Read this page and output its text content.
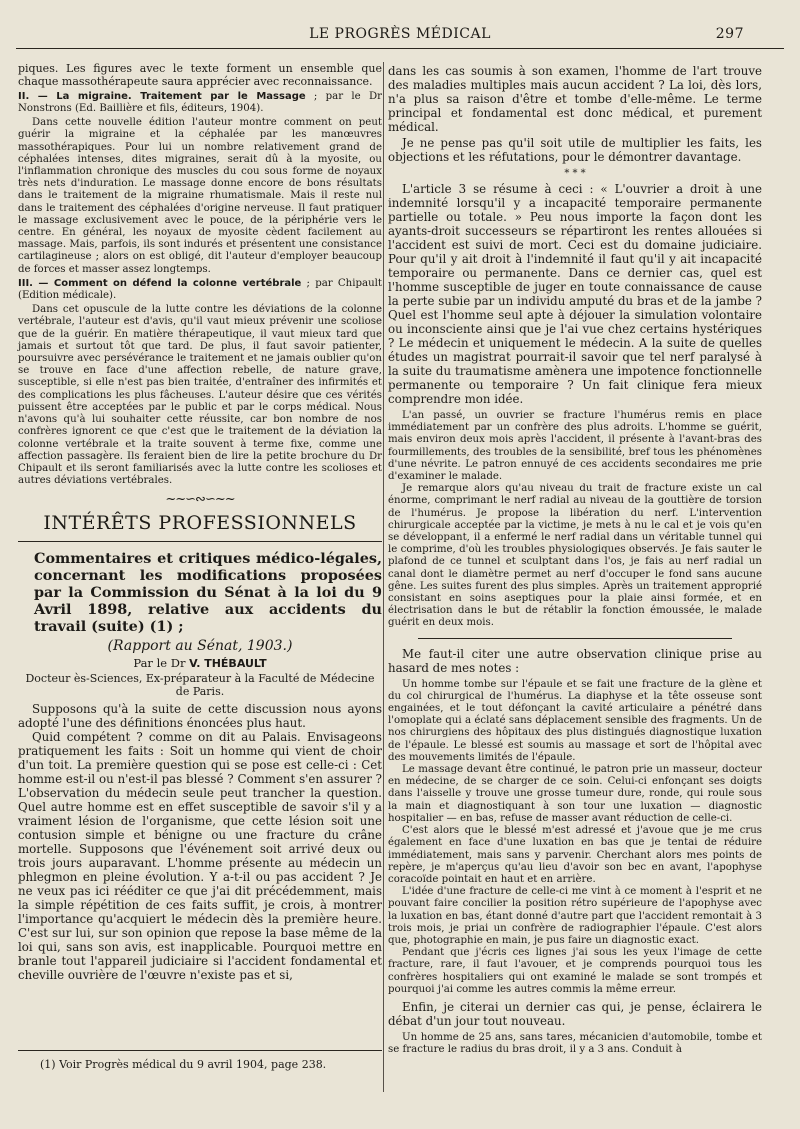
LE PROGRÈS MÉDICAL	297

piques. Les figures avec le texte forment un ensemble que chaque massothérapeute saura apprécier avec reconnaissance.

II. — La migraine. Traitement par le Massage ; par le Dr Nonstrons (Ed. Baillière et fils, éditeurs, 1904).

Dans cette nouvelle édition l'auteur montre comment on peut guérir la migraine et la céphalée par les manœuvres massothérapiques. Pour lui un nombre relativement grand de céphalées intenses, dites migraines, serait dû à la myosite, ou l'inflammation chronique des muscles du cou sous forme de noyaux très nets d'induration. Le massage donne encore de bons résultats dans le traitement de la migraine rhumatismale. Mais il reste nul dans le traitement des céphalées d'origine nerveuse. Il faut pratiquer le massage exclusivement avec le pouce, de la périphérie vers le centre. En général, les noyaux de myosite cèdent facilement au massage. Mais, parfois, ils sont indurés et présentent une consistance cartilagineuse ; alors on est obligé, dit l'auteur d'employer beaucoup de forces et masser assez longtemps.

III. — Comment on défend la colonne vertébrale ; par Chipault (Edition médicale).

Dans cet opuscule de la lutte contre les déviations de la colonne vertébrale, l'auteur est d'avis, qu'il vaut mieux prévenir une scoliose que de la guérir. En matière thérapeutique, il vaut mieux tard que jamais et surtout tôt que tard. De plus, il faut savoir patienter, poursuivre avec persévérance le traitement et ne jamais oublier qu'on se trouve en face d'une affection rebelle, de nature grave, susceptible, si elle n'est pas bien traitée, d'entraîner des infirmités et des complications les plus fâcheuses. L'auteur désire que ces vérités puissent être acceptées par le public et par le corps médical. Nous n'avons qu'à lui souhaiter cette réussite, car bon nombre de nos confrères ignorent ce que c'est que le traitement de la déviation la colonne vertébrale et la traite souvent à terme fixe, comme une affection passagère. Ils feraient bien de lire la petite brochure du Dr Chipault et ils seront familiarisés avec la lutte contre les scolioses et autres déviations vertébrales.

~~∽∾∽~~

INTÉRÊTS PROFESSIONNELS

Commentaires et critiques médico-légales, concernant les modifications proposées par la Commission du Sénat à la loi du 9 Avril 1898, relative aux accidents du travail (suite) (1) ;

(Rapport au Sénat, 1903.)

Par le Dr V. THÉBAULT

Docteur ès-Sciences, Ex-préparateur à la Faculté de Médecine de Paris.

Supposons qu'à la suite de cette discussion nous ayons adopté l'une des définitions énoncées plus haut.

Quid compétent ? comme on dit au Palais. Envisageons pratiquement les faits : Soit un homme qui vient de choir d'un toit. La première question qui se pose est celle-ci : Cet homme est-il ou n'est-il pas blessé ? Comment s'en assurer ? L'observation du médecin seule peut trancher la question. Quel autre homme est en effet susceptible de savoir s'il y a vraiment lésion de l'organisme, que cette lésion soit une contusion simple et bénigne ou une fracture du crâne mortelle. Supposons que l'événement soit arrivé deux ou trois jours auparavant. L'homme présente au médecin un phlegmon en pleine évolution. Y a-t-il ou pas accident ? Je ne veux pas ici rééditer ce que j'ai dit précédemment, mais la simple répétition de ces faits suffit, je crois, à montrer l'importance qu'acquiert le médecin dès la première heure. C'est sur lui, sur son opinion que repose la base même de la loi qui, sans son avis, est inapplicable. Pourquoi mettre en branle tout l'appareil judiciaire si l'accident fondamental et cheville ouvrière de l'œuvre n'existe pas et si,

(1) Voir Progrès médical du 9 avril 1904, page 238.

dans les cas soumis à son examen, l'homme de l'art trouve des maladies multiples mais aucun accident ? La loi, dès lors, n'a plus sa raison d'être et tombe d'elle-même. Le terme principal et fondamental est donc médical, et purement médical.

Je ne pense pas qu'il soit utile de multiplier les faits, les objections et les réfutations, pour le démontrer davantage.

* * *

L'article 3 se résume à ceci : « L'ouvrier a droit à une indemnité lorsqu'il y a incapacité temporaire permanente partielle ou totale. » Peu nous importe la façon dont les ayants-droit successeurs se répartiront les rentes allouées si l'accident est suivi de mort. Ceci est du domaine judiciaire. Pour qu'il y ait droit à l'indemnité il faut qu'il y ait incapacité temporaire ou permanente. Dans ce dernier cas, quel est l'homme susceptible de juger en toute connaissance de cause la perte subie par un individu amputé du bras et de la jambe ? Quel est l'homme seul apte à déjouer la simulation volontaire ou inconsciente ainsi que je l'ai vue chez certains hystériques ? Le médecin et uniquement le médecin. A la suite de quelles études un magistrat pourrait-il savoir que tel nerf paralysé à la suite du traumatisme amènera une impotence fonctionnelle permanente ou temporaire ? Un fait clinique fera mieux comprendre mon idée.

L'an passé, un ouvrier se fracture l'humérus remis en place immédiatement par un confrère des plus adroits. L'homme se guérit, mais environ deux mois après l'accident, il présente à l'avant-bras des fourmillements, des troubles de la sensibilité, bref tous les phénomènes d'une névrite. Le patron ennuyé de ces accidents secondaires me prie d'examiner le malade.

Je remarque alors qu'au niveau du trait de fracture existe un cal énorme, comprimant le nerf radial au niveau de la gouttière de torsion de l'humérus. Je propose la libération du nerf. L'intervention chirurgicale acceptée par la victime, je mets à nu le cal et je vois qu'en se développant, il a enfermé le nerf radial dans un véritable tunnel qui le comprime, d'où les troubles physiologiques observés. Je fais sauter le plafond de ce tunnel et sculptant dans l'os, je fais au nerf radial un canal dont le diamètre permet au nerf d'occuper le fond sans aucune gêne. Les suites furent des plus simples. Après un traitement approprié consistant en soins aseptiques pour la plaie ainsi formée, et en électrisation dans le but de rétablir la fonction émoussée, le malade guérit en deux mois.

Me faut-il citer une autre observation clinique prise au hasard de mes notes :

Un homme tombe sur l'épaule et se fait une fracture de la glène et du col chirurgical de l'humérus. La diaphyse et la tête osseuse sont engainées, et le tout défonçant la cavité articulaire a pénétré dans l'omoplate qui a éclaté sans déplacement sensible des fragments. Un de nos chirurgiens des hôpitaux des plus distingués diagnostique luxation de l'épaule. Le blessé est soumis au massage et sort de l'hôpital avec des mouvements limités de l'épaule.

Le massage devant être continué, le patron prie un masseur, docteur en médecine, de se charger de ce soin. Celui-ci enfonçant ses doigts dans l'aisselle y trouve une grosse tumeur dure, ronde, qui roule sous la main et diagnostiquant à son tour une luxation — diagnostic hospitalier — en bas, refuse de masser avant réduction de celle-ci.

C'est alors que le blessé m'est adressé et j'avoue que je me crus également en face d'une luxation en bas que je tentai de réduire immédiatement, mais sans y parvenir. Cherchant alors mes points de repère, je m'aperçus qu'au lieu d'avoir son bec en avant, l'apophyse coracoïde pointait en haut et en arrière.

L'idée d'une fracture de celle-ci me vint à ce moment à l'esprit et ne pouvant faire concilier la position rétro supérieure de l'apophyse avec la luxation en bas, étant donné d'autre part que l'accident remontait à 3 trois mois, je priai un confrère de radiographier l'épaule. C'est alors que, photographie en main, je pus faire un diagnostic exact.

Pendant que j'écris ces lignes j'ai sous les yeux l'image de cette fracture, rare, il faut l'avouer, et je comprends pourquoi tous les confrères hospitaliers qui ont examiné le malade se sont trompés et pourquoi j'ai comme les autres commis la même erreur.

Enfin, je citerai un dernier cas qui, je pense, éclairera le débat d'un jour tout nouveau.

Un homme de 25 ans, sans tares, mécanicien d'automobile, tombe et se fracture le radius du bras droit, il y a 3 ans. Conduit à
